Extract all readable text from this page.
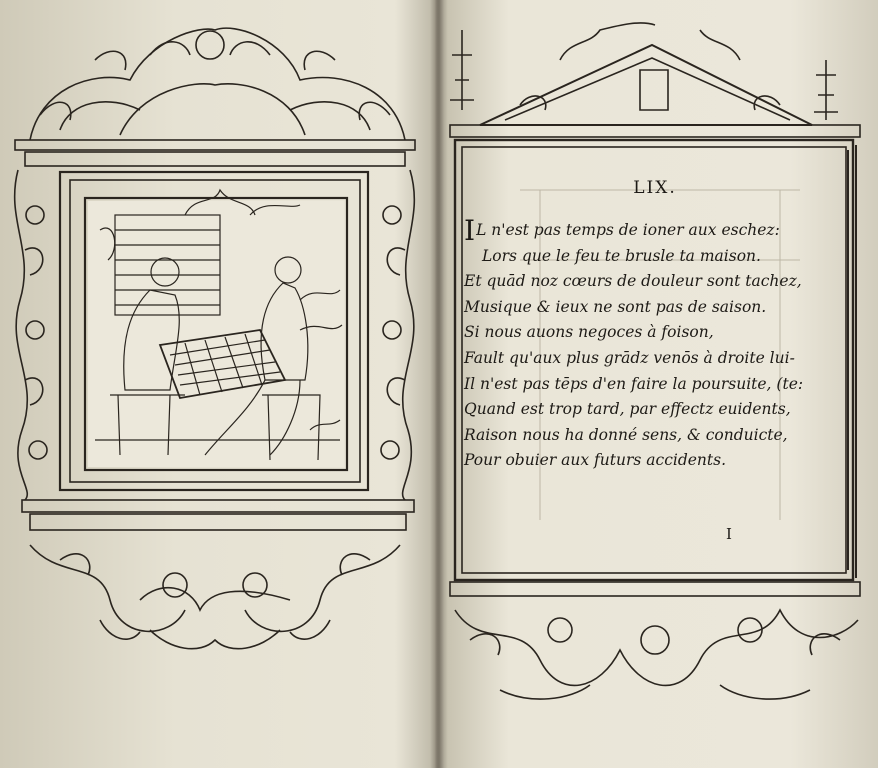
LIX.
IL n'est pas temps de ioner aux eschez:
Lors que le feu te brusle ta maison.
Et quād noz cœurs de douleur sont tachez,
Musique & ieux ne sont pas de saison.
Si nous auons negoces à foison,
Fault qu'aux plus grādz venōs à droite lui-
Il n'est pas tēps d'en faire la poursuite, (te:
Quand est trop tard, par effectz euidents,
Raison nous ha donné sens, & conduicte,
Pour obuier aux futurs accidents.
I
